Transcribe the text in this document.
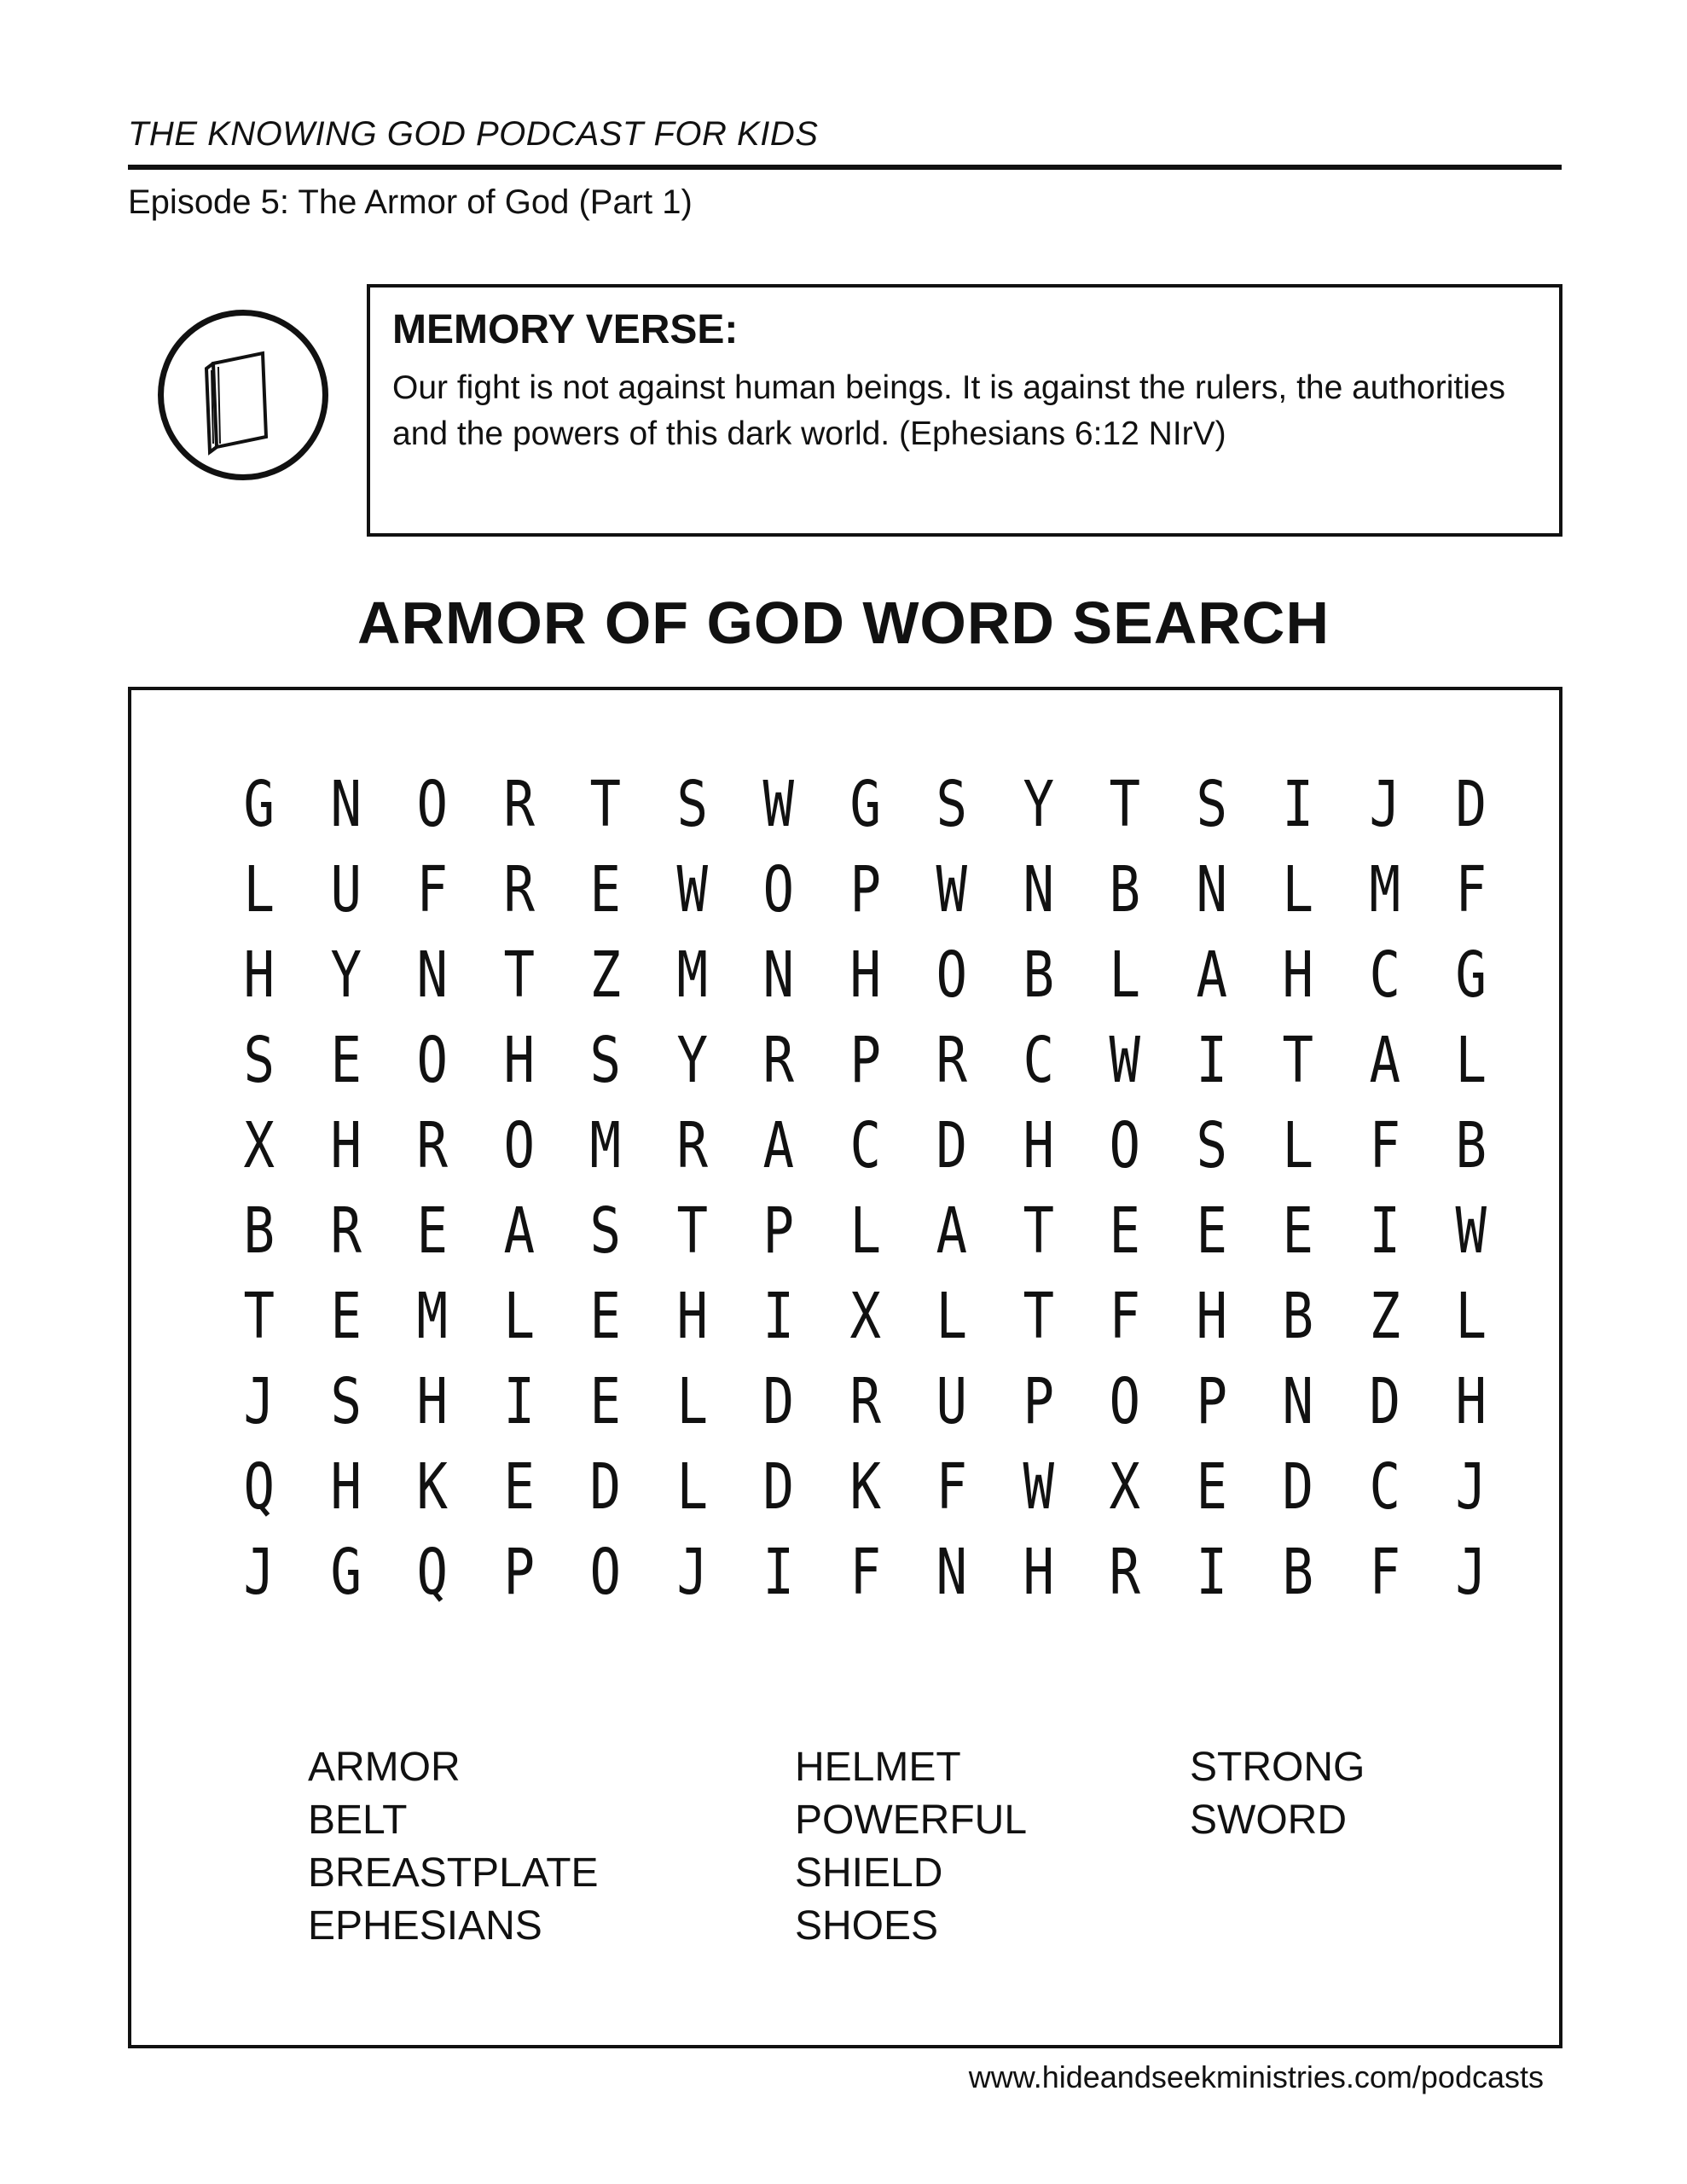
THE KNOWING GOD PODCAST FOR KIDS
Episode 5: The Armor of God (Part 1)

MEMORY VERSE:

Our fight is not against human beings. It is against the rulers, the authorities and the powers of this dark world. (Ephesians 6:12 NIrV)

ARMOR OF GOD WORD SEARCH
G N O R T S W G S Y T S I J D
L U F R E W O P W N B N L M F
H Y N T Z M N H O B L A H C G
S E O H S Y R P R C W I T A L
X H R O M R A C D H O S L F B
B R E A S T P L A T E E E I W
T E M L E H I X L T F H B Z L
J S H I E L D R U P O P N D H
Q H K E D L D K F W X E D C J
J G Q P O J I F N H R I B F J
ARMOR
BELT
BREASTPLATE
EPHESIANS
HELMET
POWERFUL
SHIELD
SHOES
STRONG
SWORD
www.hideandseekministries.com/podcasts
